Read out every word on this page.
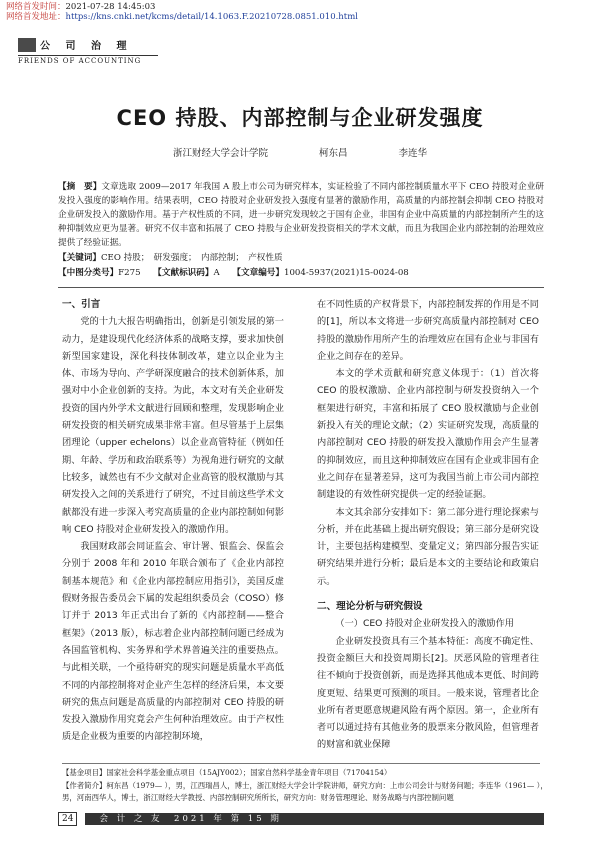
网络首发时间：2021-07-28 14:45:03
网络首发地址：https://kns.cnki.net/kcms/detail/14.1063.F.20210728.0851.010.html
公 司 治 理
FRIENDS OF ACCOUNTING
CEO 持股、内部控制与企业研发强度
浙江财经大学会计学院	柯东昌	李连华

【摘　要】文章选取 2009—2017 年我国 A 股上市公司为研究样本，实证检验了不同内部控制质量水平下 CEO 持股对企业研发投入强度的影响作用。结果表明，CEO 持股对企业研发投入强度有显著的激励作用，高质量的内部控制会抑制 CEO 持股对企业研发投入的激励作用。基于产权性质的不同，进一步研究发现较之于国有企业，非国有企业中高质量的内部控制所产生的这种抑制效应更为显著。研究不仅丰富和拓展了 CEO 持股与企业研发投资相关的学术文献，而且为我国企业内部控制的治理效应提供了经验证据。

【关键词】CEO 持股；　研发强度；　内部控制；　产权性质

【中图分类号】F275 【文献标识码】A 【文章编号】1004-5937(2021)15-0024-08

一、引言

党的十九大报告明确指出，创新是引领发展的第一动力，是建设现代化经济体系的战略支撑，要求加快创新型国家建设，深化科技体制改革，建立以企业为主体、市场为导向、产学研深度融合的技术创新体系，加强对中小企业创新的支持。为此，本文对有关企业研发投资的国内外学术文献进行回顾和整理，发现影响企业研发投资的相关研究成果非常丰富。但尽管基于上层集团理论（upper echelons）以企业高管特征（例如任期、年龄、学历和政治联系等）为视角进行研究的文献比较多，诚然也有不少文献对企业高管的股权激励与其研发投入之间的关系进行了研究，不过目前这些学术文献都没有进一步深入考究高质量的企业内部控制如何影响 CEO 持股对企业研发投入的激励作用。

我国财政部会同证监会、审计署、银监会、保监会分别于 2008 年和 2010 年联合颁布了《企业内部控制基本规范》和《企业内部控制应用指引》，美国反虚假财务报告委员会下属的发起组织委员会（COSO）修订并于 2013 年正式出台了新的《内部控制——整合框架》（2013 版），标志着企业内部控制问题已经成为各国监管机构、实务界和学术界普遍关注的重要热点。与此相关联，一个亟待研究的现实问题是质量水平高低不同的内部控制将对企业产生怎样的经济后果，本文要研究的焦点问题是高质量的内部控制对 CEO 持股的研发投入激励作用究竟会产生何种治理效应。由于产权性质是企业极为重要的内部控制环境，

在不同性质的产权背景下，内部控制发挥的作用是不同的[1]，所以本文将进一步研究高质量内部控制对 CEO 持股的激励作用所产生的治理效应在国有企业与非国有企业之间存在的差异。

本文的学术贡献和研究意义体现于：（1）首次将 CEO 的股权激励、企业内部控制与研发投资纳入一个框架进行研究，丰富和拓展了 CEO 股权激励与企业创新投入有关的理论文献；（2）实证研究发现，高质量的内部控制对 CEO 持股的研发投入激励作用会产生显著的抑制效应，而且这种抑制效应在国有企业或非国有企业之间存在显著差异，这可为我国当前上市公司内部控制建设的有效性研究提供一定的经验证据。

本文其余部分安排如下：第二部分进行理论探索与分析，并在此基础上提出研究假设；第三部分是研究设计，主要包括构建模型、变量定义；第四部分报告实证研究结果并进行分析；最后是本文的主要结论和政策启示。

二、理论分析与研究假设
（一）CEO 持股对企业研发投入的激励作用

企业研发投资具有三个基本特征：高度不确定性、投资金额巨大和投资周期长[2]。厌恶风险的管理者往往不倾向于投资创新，而是选择其他成本更低、时间跨度更短、结果更可预测的项目。一般来说，管理者比企业所有者更愿意规避风险有两个原因。第一，企业所有者可以通过持有其他业务的股票来分散风险，但管理者的财富和就业保障

【基金项目】国家社会科学基金重点项目（15AJY002）；国家自然科学基金青年项目（71704154）

【作者简介】柯东昌（1979— ），男，江西瑞昌人，博士，浙江财经大学会计学院讲师，研究方向：上市公司会计与财务问题；李连华（1961— ），男，河南西华人，博士，浙江财经大学教授、内部控制研究所所长，研究方向：财务管理理论、财务战略与内部控制问题

24	会 计 之 友　2021 年 第 15 期
